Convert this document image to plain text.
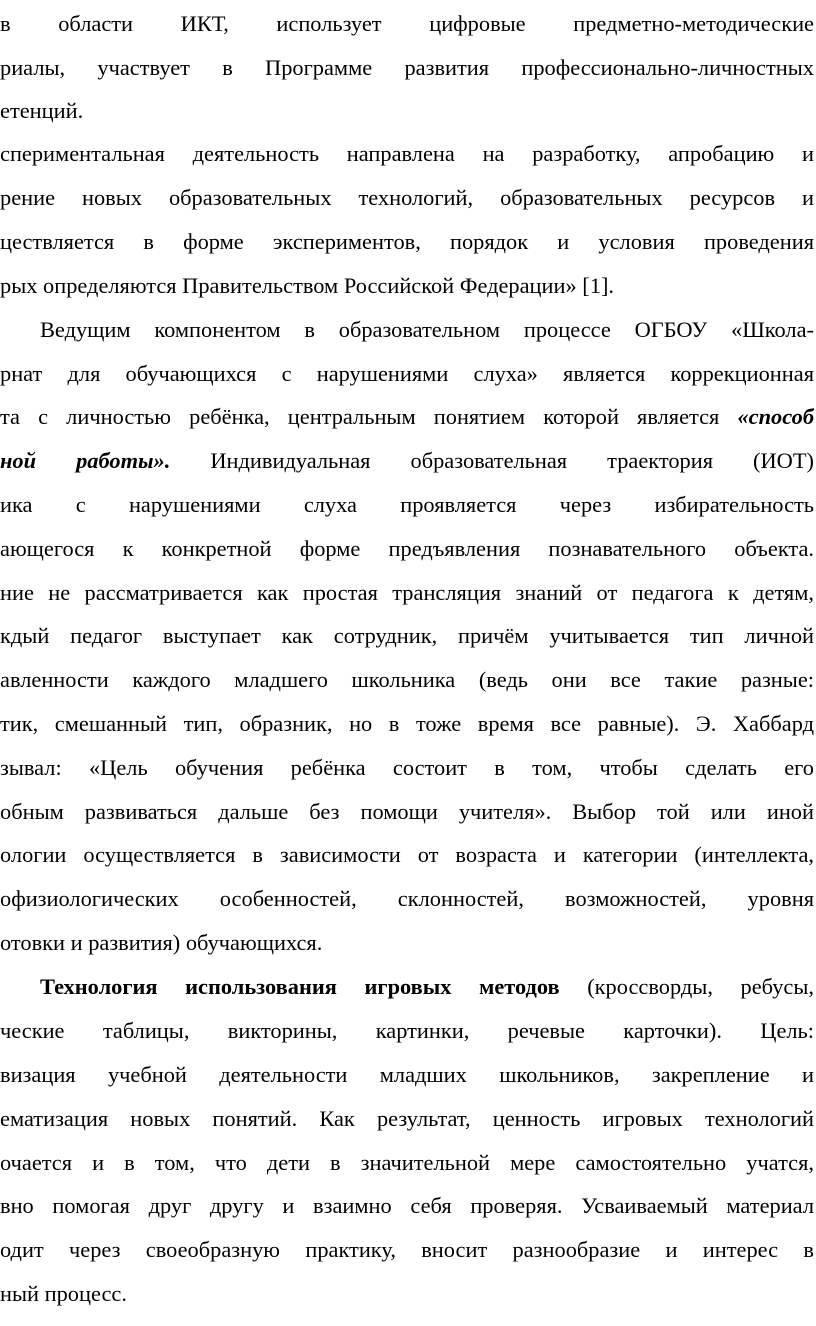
в области ИКТ, использует цифровые предметно-методические
риалы, участвует в Программе развития профессионально-личностных
етенций.
спериментальная деятельность направлена на разработку, апробацию и
рение новых образовательных технологий, образовательных ресурсов и
цествляется в форме экспериментов, порядок и условия проведения
рых определяются Правительством Российской Федерации» [1].
Ведущим компонентом в образовательном процессе ОГБОУ «Школа-
рнат для обучающихся с нарушениями слуха» является коррекционная
та с личностью ребёнка, центральным понятием которой является «способ
ной работы». Индивидуальная образовательная траектория (ИОТ)
ика с нарушениями слуха проявляется через избирательность
ающегося к конкретной форме предъявления познавательного объекта.
ние не рассматривается как простая трансляция знаний от педагога к детям,
кдый педагог выступает как сотрудник, причём учитывается тип личной
авленности каждого младшего школьника (ведь они все такие разные:
тик, смешанный тип, образник, но в тоже время все равные). Э. Хаббард
зывал: «Цель обучения ребёнка состоит в том, чтобы сделать его
обным развиваться дальше без помощи учителя». Выбор той или иной
ологии осуществляется в зависимости от возраста и категории (интеллекта,
офизиологических особенностей, склонностей, возможностей, уровня
отовки и развития) обучающихся.
Технология использования игровых методов (кроссворды, ребусы,
ческие таблицы, викторины, картинки, речевые карточки). Цель:
визация учебной деятельности младших школьников, закрепление и
ематизация новых понятий. Как результат, ценность игровых технологий
очается и в том, что дети в значительной мере самостоятельно учатся,
вно помогая друг другу и взаимно себя проверяя. Усваиваемый материал
одит через своеобразную практику, вносит разнообразие и интерес в
ный процесс.
